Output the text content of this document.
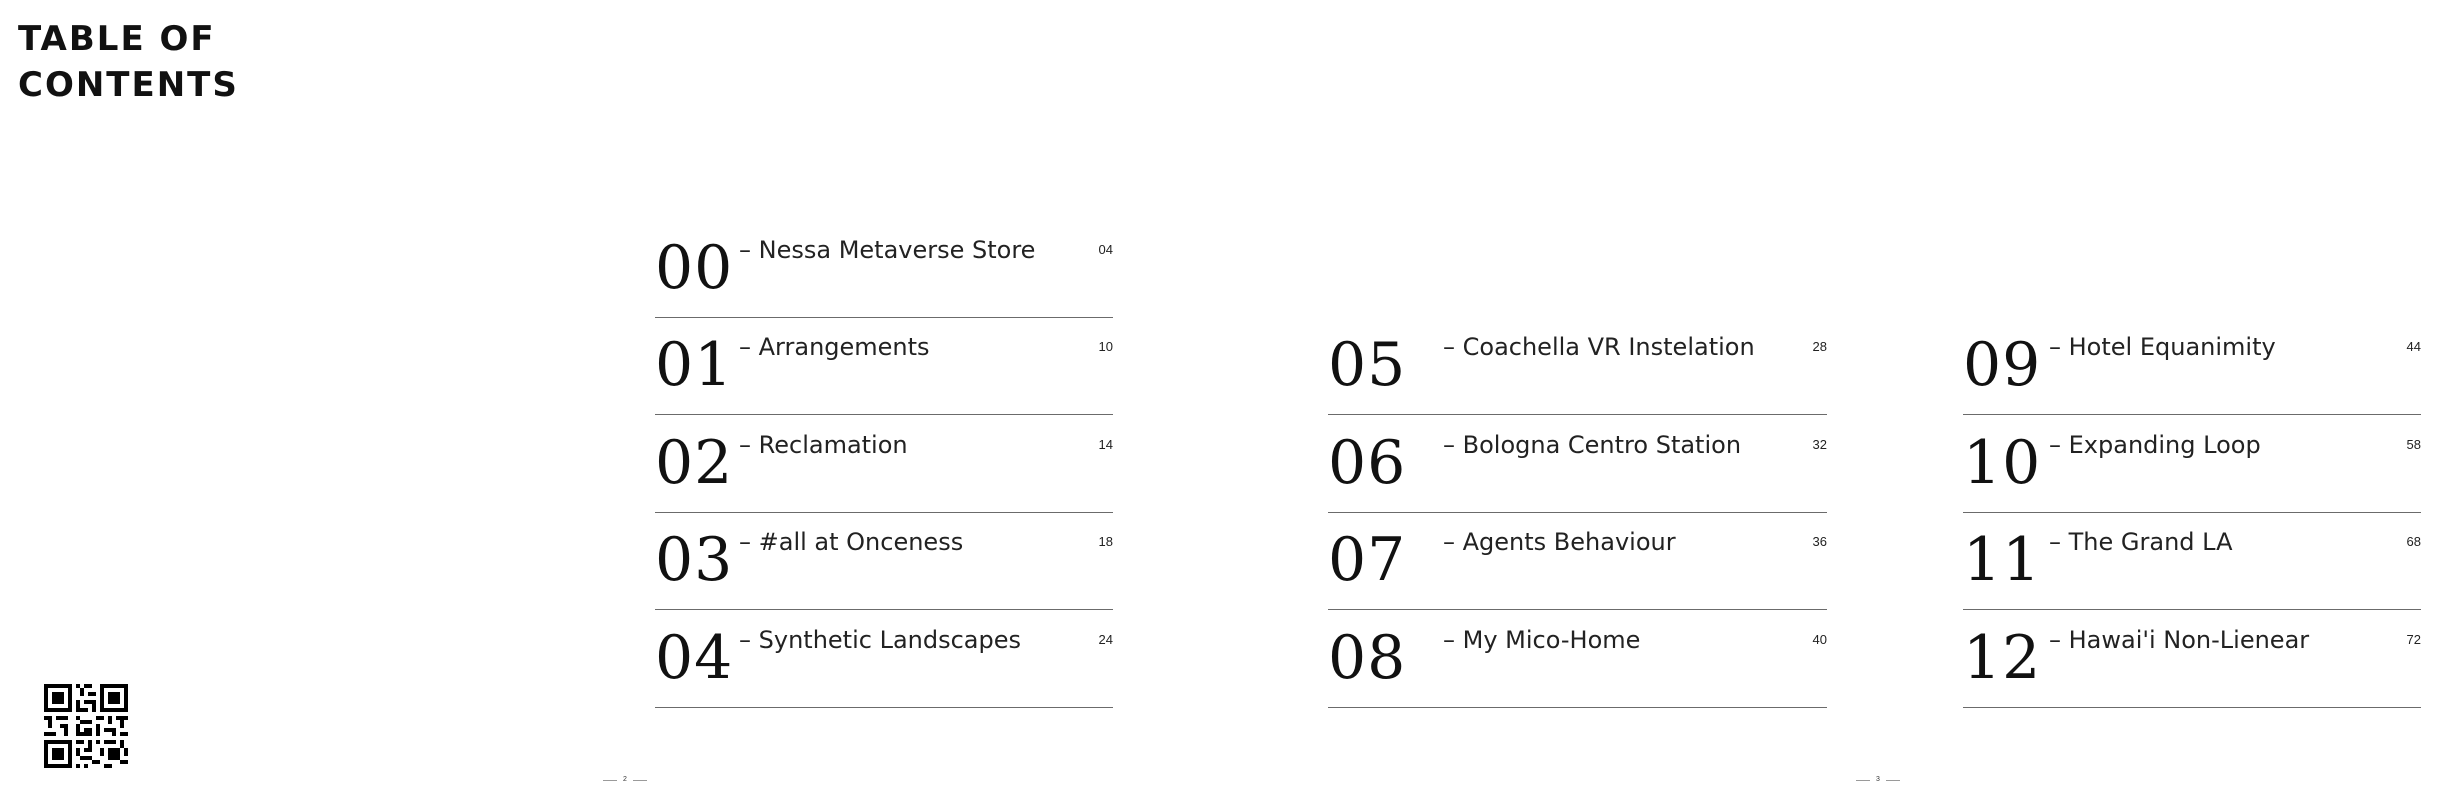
TABLE OF
CONTENTS
00 – Nessa Metaverse Store	04
01 – Arrangements	10
02 – Reclamation	14
03 – #all at Onceness	18
04 – Synthetic Landscapes	24
05 – Coachella VR Instelation	28
06 – Bologna Centro Station	32
07 – Agents Behaviour	36
08 – My Mico-Home	40
09 – Hotel Equanimity	44
10 – Expanding Loop	58
11 – The Grand LA	68
12 – Hawai'i Non-Lienear	72
2	3
